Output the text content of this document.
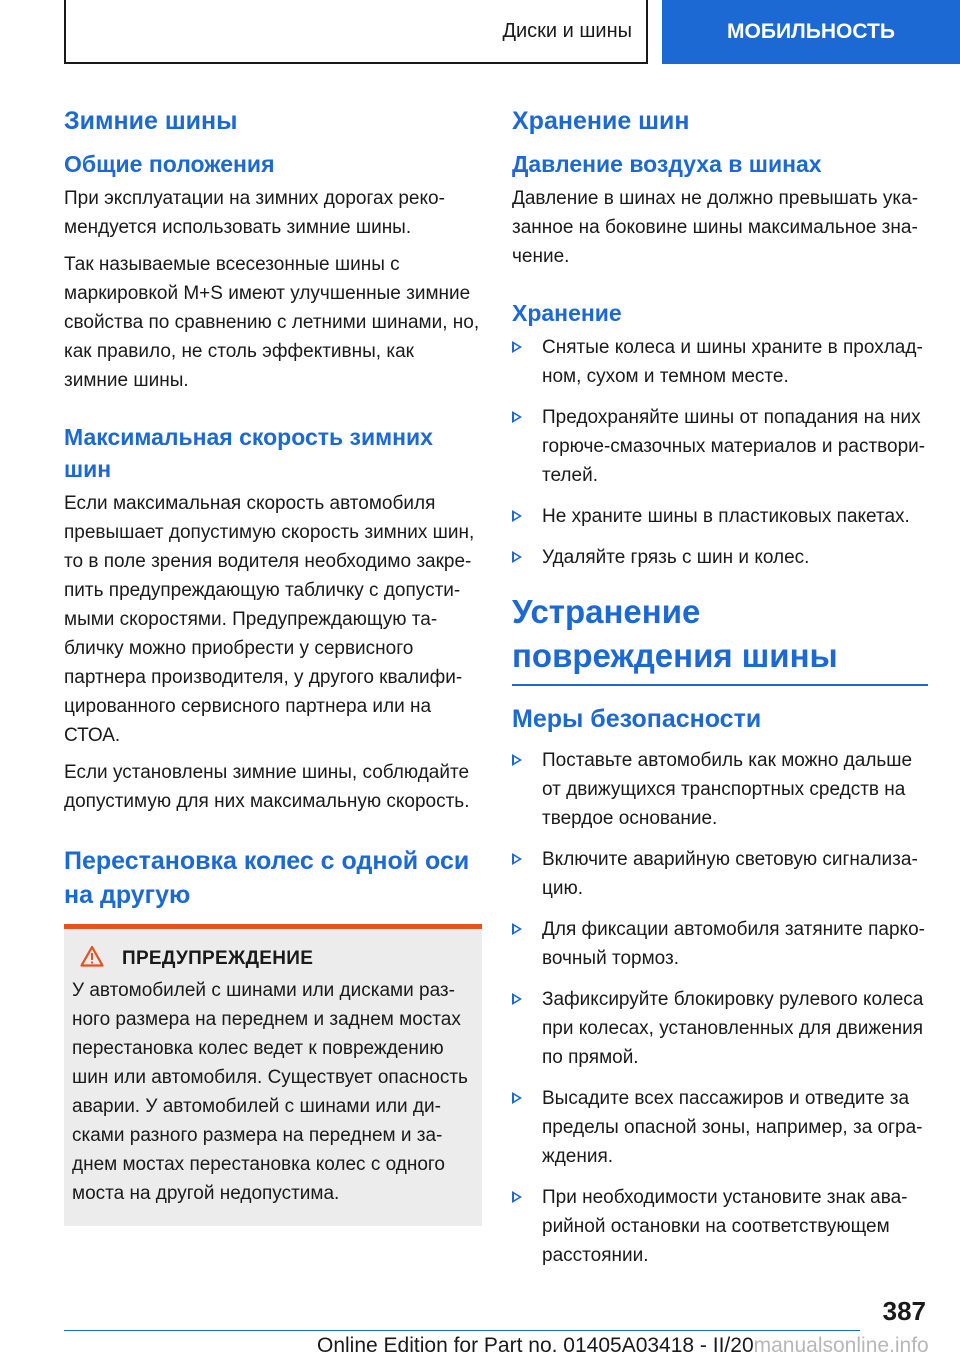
Диски и шины	МОБИЛЬНОСТЬ
Зимние шины
Общие положения

При эксплуатации на зимних дорогах реко-мендуется использовать зимние шины.

Так называемые всесезонные шины с маркировкой M+S имеют улучшенные зимние свойства по сравнению с летними шинами, но, как правило, не столь эффективны, как зимние шины.

Максимальная скорость зимних шин

Если максимальная скорость автомобиля превышает допустимую скорость зимних шин, то в поле зрения водителя необходимо закре-пить предупреждающую табличку с допусти-мыми скоростями. Предупреждающую та-бличку можно приобрести у сервисного партнера производителя, у другого квалифи-цированного сервисного партнера или на СТОА.

Если установлены зимние шины, соблюдайте допустимую для них максимальную скорость.

Перестановка колес с одной оси на другую
ПРЕДУПРЕЖДЕНИЕ

У автомобилей с шинами или дисками раз-ного размера на переднем и заднем мостах перестановка колес ведет к повреждению шин или автомобиля. Существует опасность аварии. У автомобилей с шинами или ди-сками разного размера на переднем и за-днем мостах перестановка колес с одного моста на другой недопустима.

Хранение шин
Давление воздуха в шинах

Давление в шинах не должно превышать ука-занное на боковине шины максимальное зна-чение.

Хранение
Снятые колеса и шины храните в прохлад-ном, сухом и темном месте.
Предохраняйте шины от попадания на них горюче-смазочных материалов и раствори-телей.
Не храните шины в пластиковых пакетах.
Удаляйте грязь с шин и колес.
Устранение повреждения шины
Меры безопасности
Поставьте автомобиль как можно дальше от движущихся транспортных средств на твердое основание.
Включите аварийную световую сигнализа-цию.
Для фиксации автомобиля затяните парко-вочный тормоз.
Зафиксируйте блокировку рулевого колеса при колесах, установленных для движения по прямой.
Высадите всех пассажиров и отведите за пределы опасной зоны, например, за огра-ждения.
При необходимости установите знак ава-рийной остановки на соответствующем расстоянии.
387
Online Edition for Part no. 01405A03418 - II/20manualsonline.info
